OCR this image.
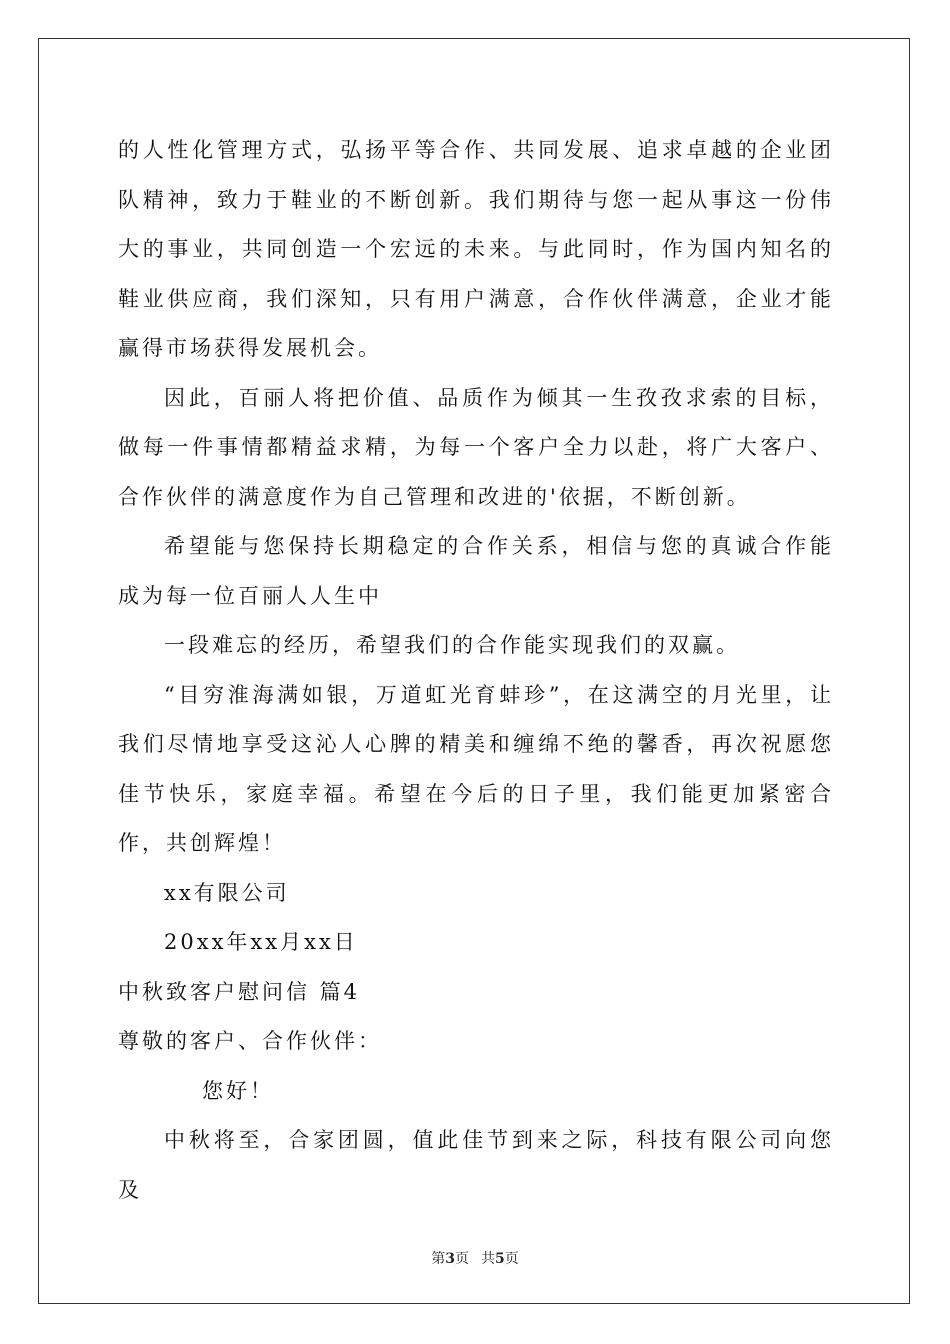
的人性化管理方式，弘扬平等合作、共同发展、追求卓越的企业团队精神，致力于鞋业的不断创新。我们期待与您一起从事这一份伟大的事业，共同创造一个宏远的未来。与此同时，作为国内知名的鞋业供应商，我们深知，只有用户满意，合作伙伴满意，企业才能赢得市场获得发展机会。

因此，百丽人将把价值、品质作为倾其一生孜孜求索的目标，做每一件事情都精益求精，为每一个客户全力以赴，将广大客户、合作伙伴的满意度作为自己管理和改进的'依据，不断创新。

希望能与您保持长期稳定的合作关系，相信与您的真诚合作能成为每一位百丽人人生中

一段难忘的经历，希望我们的合作能实现我们的双赢。

“目穷淮海满如银，万道虹光育蚌珍”，在这满空的月光里，让我们尽情地享受这沁人心脾的精美和缠绵不绝的馨香，再次祝愿您佳节快乐，家庭幸福。希望在今后的日子里，我们能更加紧密合作，共创辉煌！

xx有限公司

20xx年xx月xx日

中秋致客户慰问信 篇4

尊敬的客户、合作伙伴：

您好！

中秋将至，合家团圆，值此佳节到来之际，科技有限公司向您及

第3页 共5页
